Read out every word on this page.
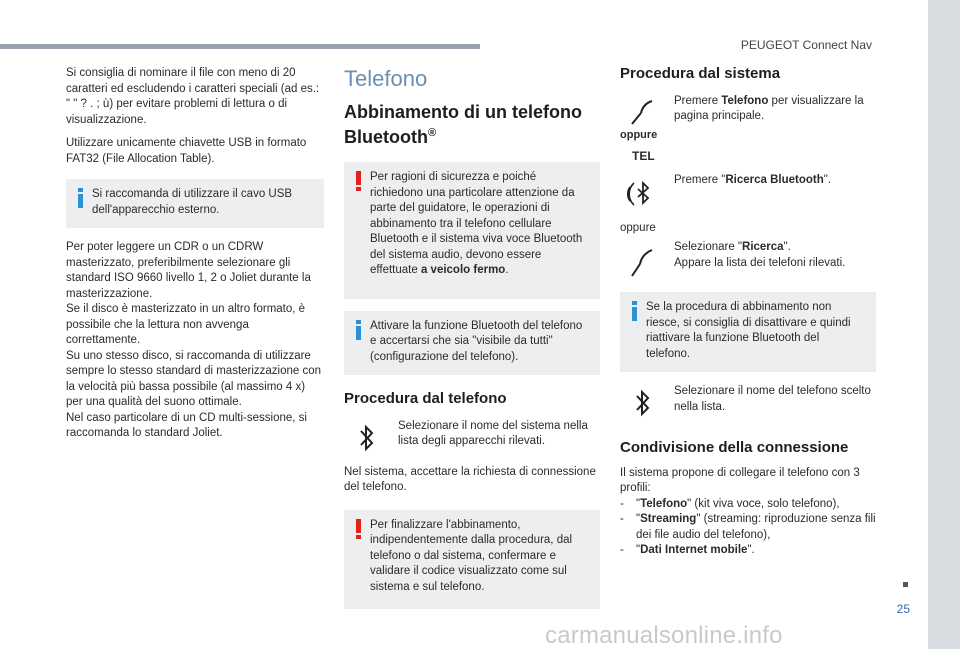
PEUGEOT Connect Nav

Si consiglia di nominare il file con meno di 20 caratteri ed escludendo i caratteri speciali (ad es.: " " ? . ; ù) per evitare problemi di lettura o di visualizzazione.

Utilizzare unicamente chiavette USB in formato FAT32 (File Allocation Table).

Si raccomanda di utilizzare il cavo USB dell'apparecchio esterno.
Per poter leggere un CDR o un CDRW masterizzato, preferibilmente selezionare gli standard ISO 9660 livello 1, 2 o Joliet durante la masterizzazione.
Se il disco è masterizzato in un altro formato, è possibile che la lettura non avvenga correttamente.
Su uno stesso disco, si raccomanda di utilizzare sempre lo stesso standard di masterizzazione con la velocità più bassa possibile (al massimo 4 x) per una qualità del suono ottimale.
Nel caso particolare di un CD multi-sessione, si raccomanda lo standard Joliet.
Telefono
Abbinamento di un telefono Bluetooth®
Per ragioni di sicurezza e poiché richiedono una particolare attenzione da parte del guidatore, le operazioni di abbinamento tra il telefono cellulare Bluetooth e il sistema viva voce Bluetooth del sistema audio, devono essere effettuate a veicolo fermo.
Attivare la funzione Bluetooth del telefono e accertarsi che sia "visibile da tutti" (configurazione del telefono).
Procedura dal telefono
Selezionare il nome del sistema nella lista degli apparecchi rilevati.

Nel sistema, accettare la richiesta di connessione del telefono.

Per finalizzare l'abbinamento, indipendentemente dalla procedura, dal telefono o dal sistema, confermare e validare il codice visualizzato come sul sistema e sul telefono.
Procedura dal sistema
Premere Telefono per visualizzare la pagina principale.
oppure
TEL
Premere "Ricerca Bluetooth".
oppure
Selezionare "Ricerca".
Appare la lista dei telefoni rilevati.
Se la procedura di abbinamento non riesce, si consiglia di disattivare e quindi riattivare la funzione Bluetooth del telefono.
Selezionare il nome del telefono scelto nella lista.
Condivisione della connessione

Il sistema propone di collegare il telefono con 3 profili:

-	"Telefono" (kit viva voce, solo telefono),
-	"Streaming" (streaming: riproduzione senza fili dei file audio del telefono),
-	"Dati Internet mobile".
25
carmanualsonline.info
